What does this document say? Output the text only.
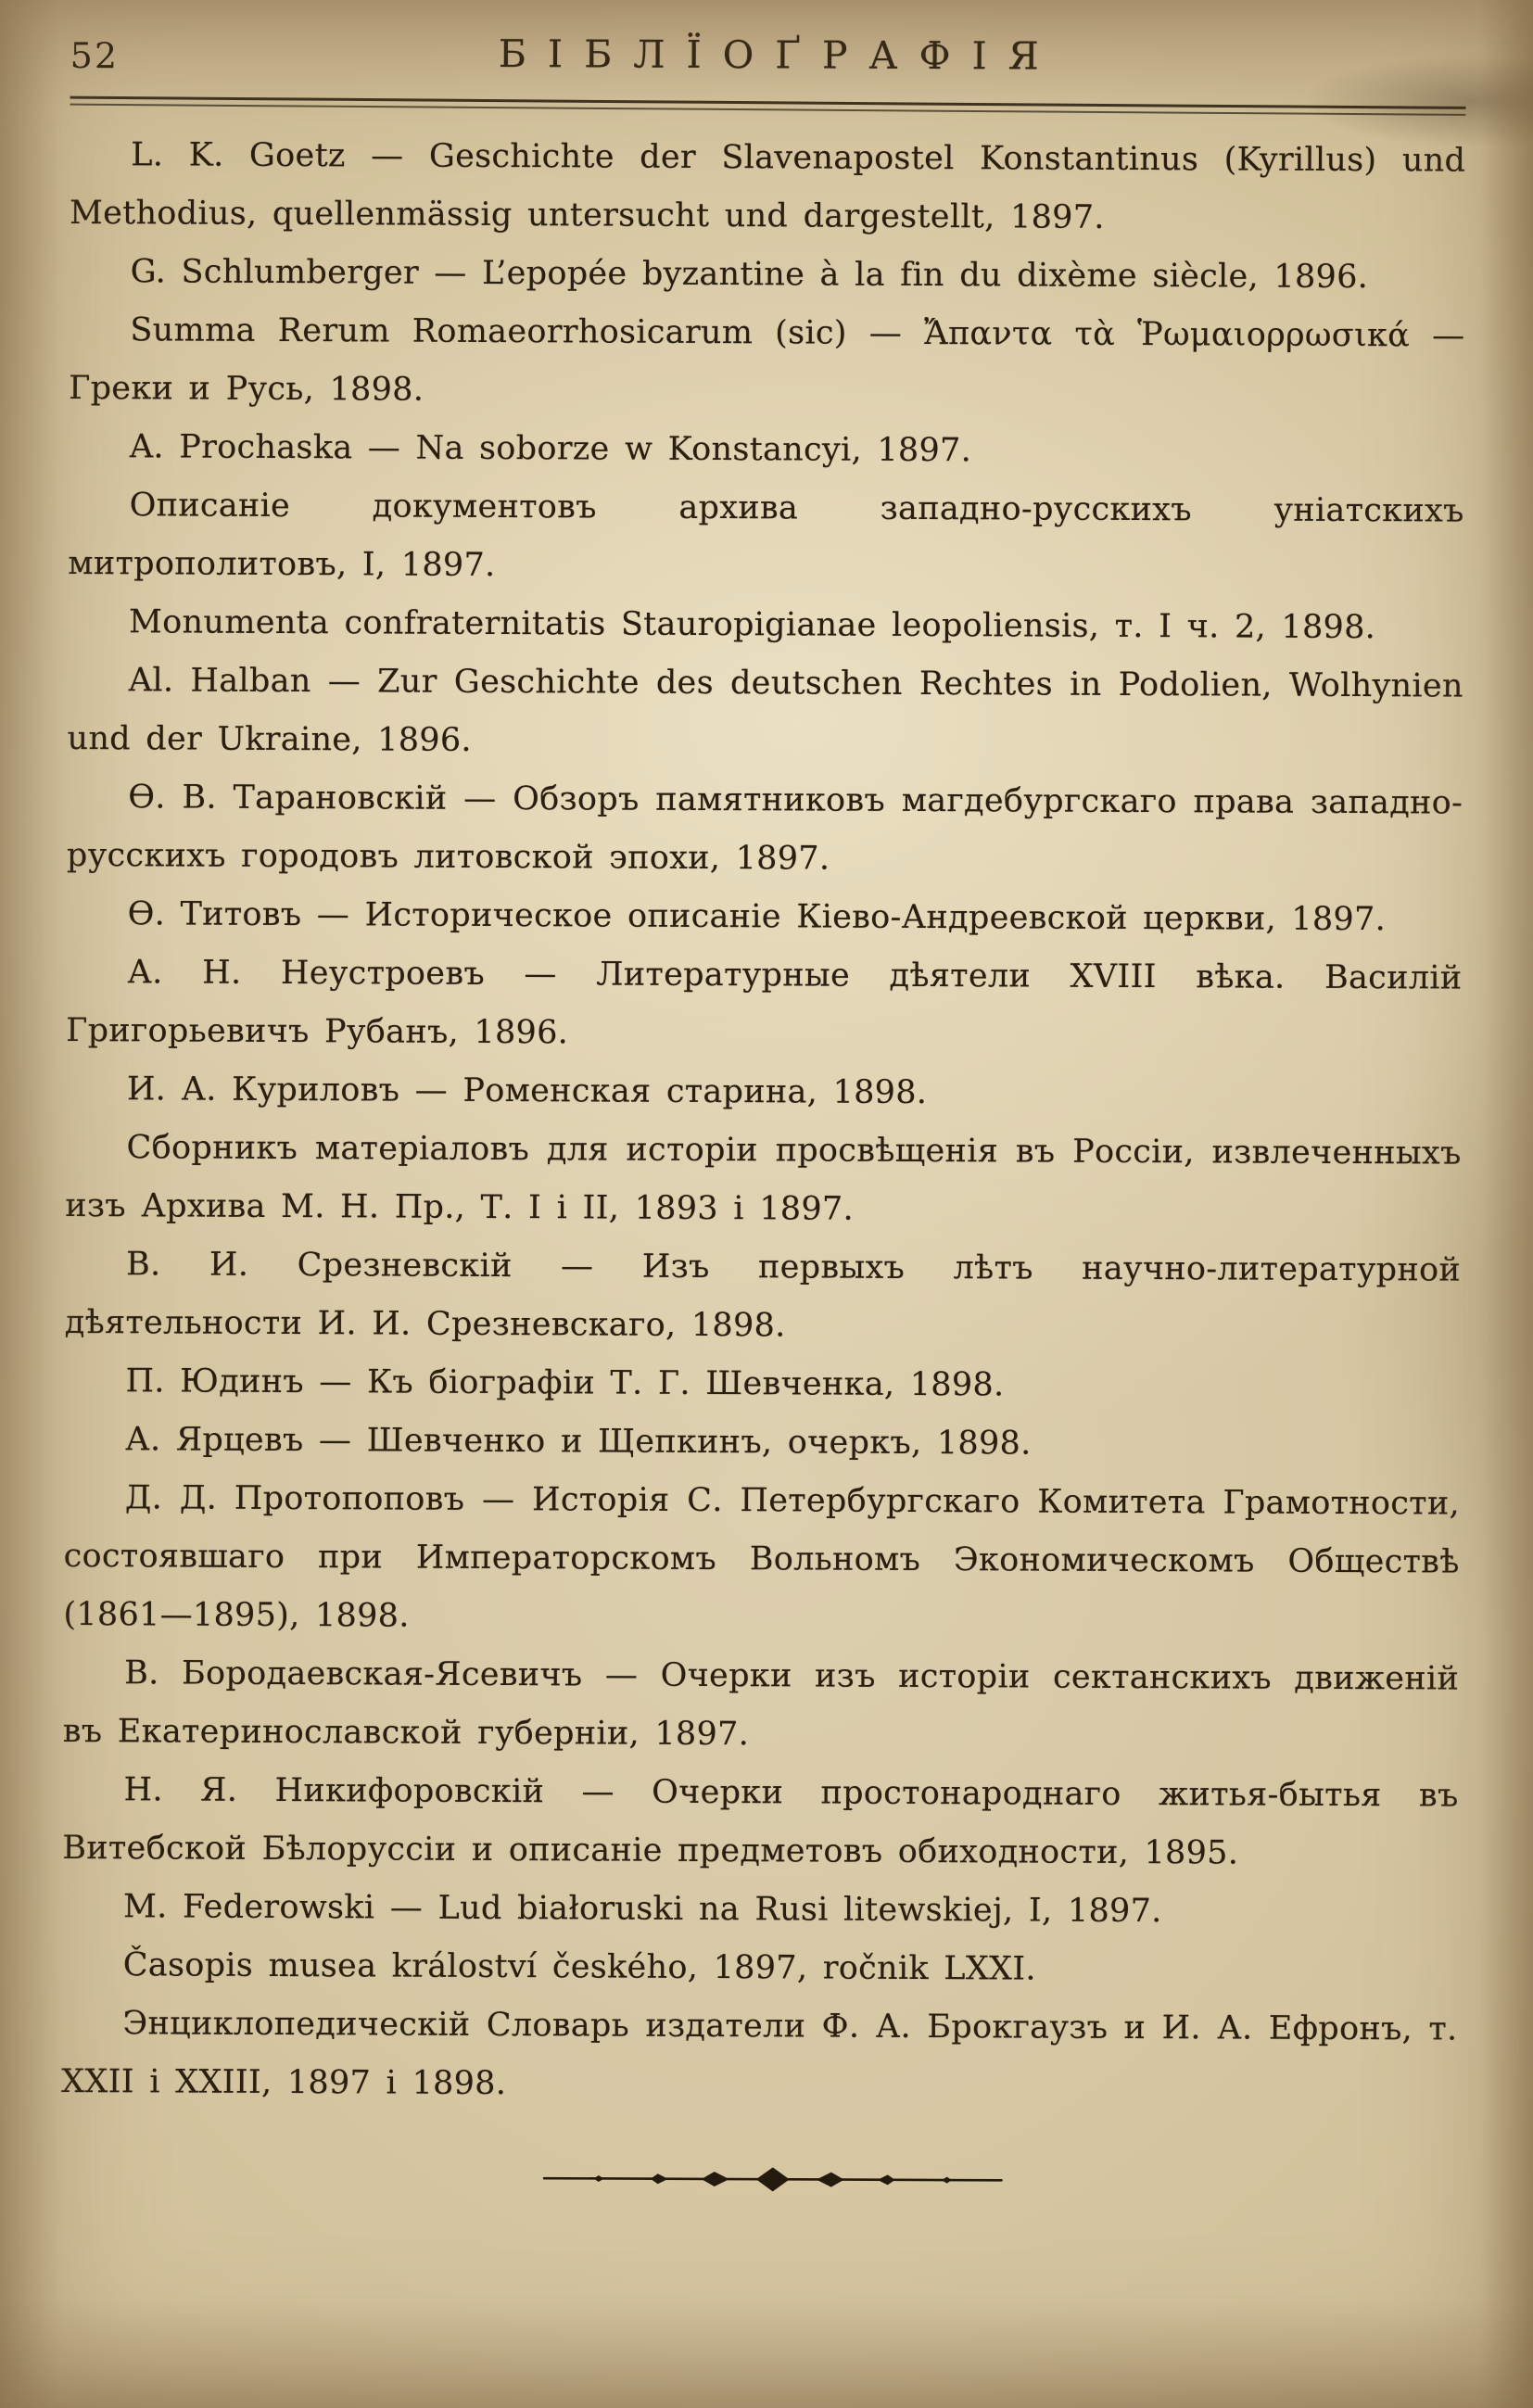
52	БІБЛЇОҐРАФІЯ

L. K. Goetz — Geschichte der Slavenapostel Konstantinus (Kyrillus) und Methodius, quellenmässig untersucht und dargestellt, 1897.

G. Schlumberger — L’epopée byzantine à la fin du dixème siècle, 1896.

Summa Rerum Romaeorrhosicarum (sic) — Ἄπαντα τὰ Ῥωμαιορρωσικά — Греки и Русь, 1898.

A. Prochaska — Na soborze w Konstancyi, 1897.

Описаніе документовъ архива западно-русскихъ уніатскихъ митрополитовъ, I, 1897.

Monumenta confraternitatis Stauropigianae leopoliensis, т. I ч. 2, 1898.

Al. Halban — Zur Geschichte des deutschen Rechtes in Podolien, Wolhynien und der Ukraine, 1896.

Ѳ. В. Тарановскій — Обзоръ памятниковъ магдебургскаго права западно-русскихъ городовъ литовской эпохи, 1897.

Ѳ. Титовъ — Историческое описаніе Кіево-Андреевской церкви, 1897.

А. Н. Неустроевъ — Литературные дѣятели XVIII вѣка. Василій Григорьевичъ Рубанъ, 1896.

И. А. Куриловъ — Роменская старина, 1898.

Сборникъ матеріаловъ для исторіи просвѣщенія въ Россіи, извлеченныхъ изъ Архива М. Н. Пр., Т. I і II, 1893 і 1897.

В. И. Срезневскій — Изъ первыхъ лѣтъ научно-литературной дѣятельности И. И. Срезневскаго, 1898.

П. Юдинъ — Къ біографіи Т. Г. Шевченка, 1898.

А. Ярцевъ — Шевченко и Щепкинъ, очеркъ, 1898.

Д. Д. Протопоповъ — Исторія С. Петербургскаго Комитета Грамотности, состоявшаго при Императорскомъ Вольномъ Экономическомъ Обществѣ (1861—1895), 1898.

В. Бородаевская-Ясевичъ — Очерки изъ исторіи сектанскихъ движеній въ Екатеринославской губерніи, 1897.

Н. Я. Никифоровскій — Очерки простонароднаго житья-бытья въ Витебской Бѣлоруссіи и описаніе предметовъ обиходности, 1895.

M. Federowski — Lud białoruski na Rusi litewskiej, I, 1897.

Časopis musea králoství českého, 1897, ročnik LXXI.

Энциклопедическій Словарь издатели Ф. А. Брокгаузъ и И. А. Ефронъ, т. XXII і XXIII, 1897 і 1898.
